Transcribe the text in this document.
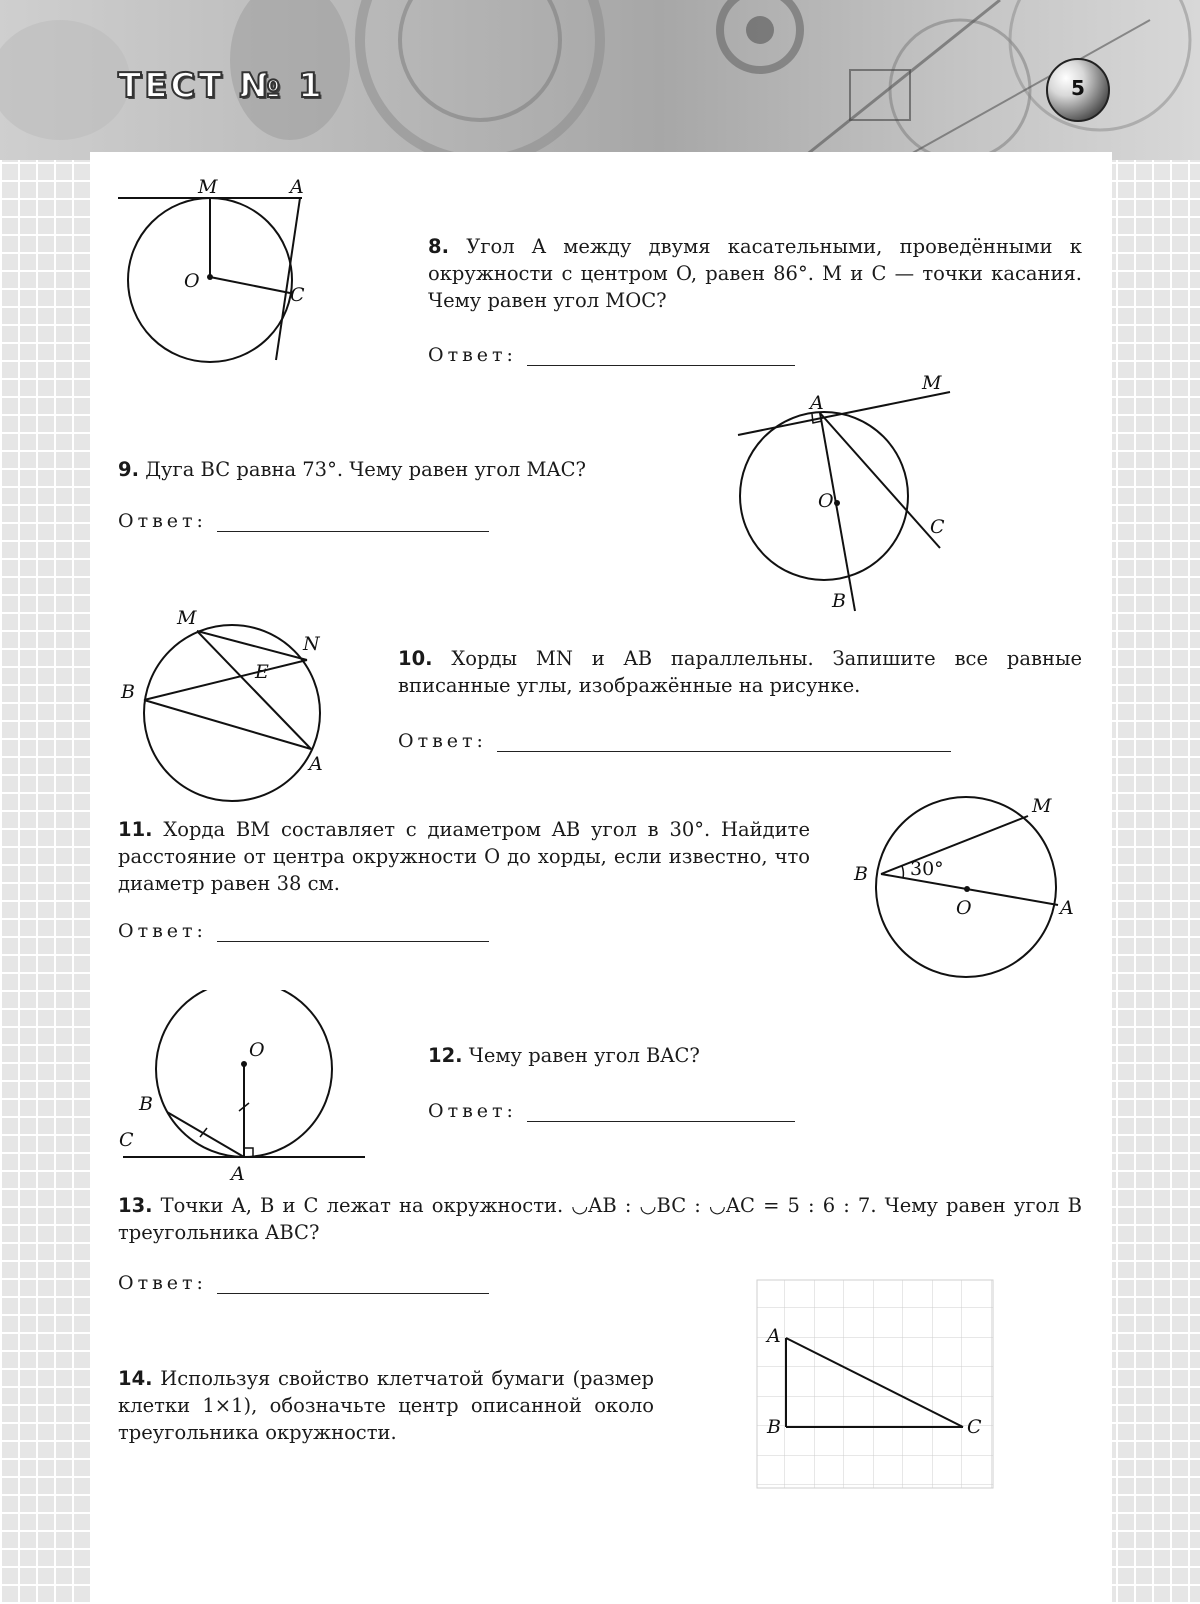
ТЕСТ № 1	5
M	A
O
C
8. Угол A между двумя касательными, проведёнными к окружности с центром O, равен 86°. M и C — точки касания. Чему равен угол MOC?
Ответ:
A
M
O
C
B
9. Дуга BC равна 73°. Чему равен угол MAC?
Ответ:
M
N
B
E
A
10. Хорды MN и AB параллельны. Запишите все равные вписанные углы, изображённые на рисунке.
Ответ:
M
B 30°
O	A
11. Хорда BM составляет с диаметром AB угол в 30°. Найдите расстояние от центра окружности O до хорды, если известно, что диаметр равен 38 см.
Ответ:
O
B
C
A
12. Чему равен угол BAC?
Ответ:
13. Точки A, B и C лежат на окружности. ◡AB : ◡BC : ◡AC = 5 : 6 : 7. Чему равен угол B треугольника ABC?
Ответ:
A
B	C
14. Используя свойство клетчатой бумаги (размер клетки 1×1), обозначьте центр описанной около треугольника окружности.
